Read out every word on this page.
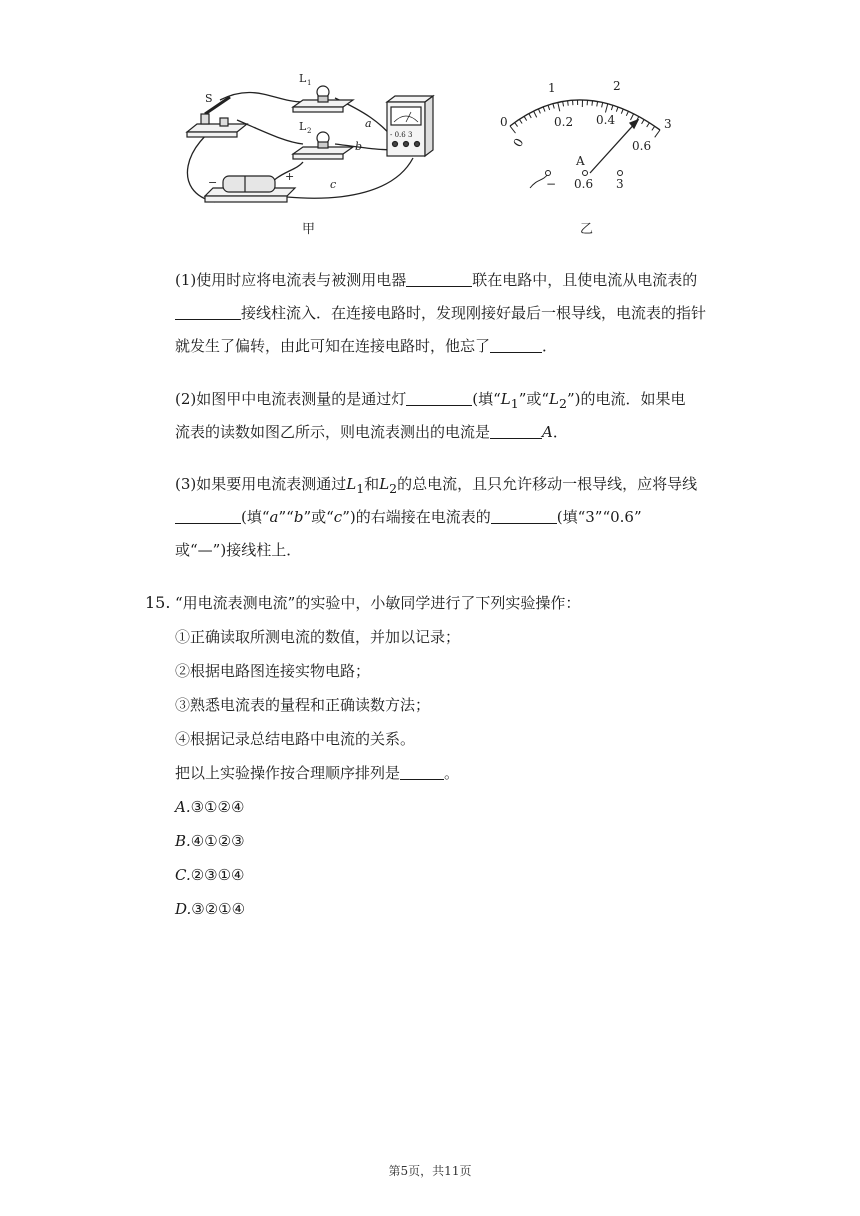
S
L 1
L 2
a
b
c
−	+
- 0.6 3
甲
0
1	2
3
0
0.2 0.4
0.6
A
− 0.6 3
乙
(1)使用时应将电流表与被测用电器	联在电路中，且使电流从电流表的
接线柱流入．在连接电路时，发现刚接好最后一根导线，电流表的指针
就发生了偏转，由此可知在连接电路时，他忘了	．
(2)如图甲中电流表测量的是通过灯	(填“$L_1$”或“$L_2$”)的电流．如果电
流表的读数如图乙所示，则电流表测出的电流是	A．
(3)如果要用电流表测通过$L_1$和$L_2$的总电流，且只允许移动一根导线，应将导线
(填“a”“b”或“c”)的右端接在电流表的	(填“3”“0.6”
或“—”)接线柱上．
15. “用电流表测电流”的实验中，小敏同学进行了下列实验操作：
①正确读取所测电流的数值，并加以记录；
②根据电路图连接实物电路；
③熟悉电流表的量程和正确读数方法；
④根据记录总结电路中电流的关系。
把以上实验操作按合理顺序排列是	。
A.③①②④
B.④①②③
C.②③①④
D.③②①④
第5页，共11页
